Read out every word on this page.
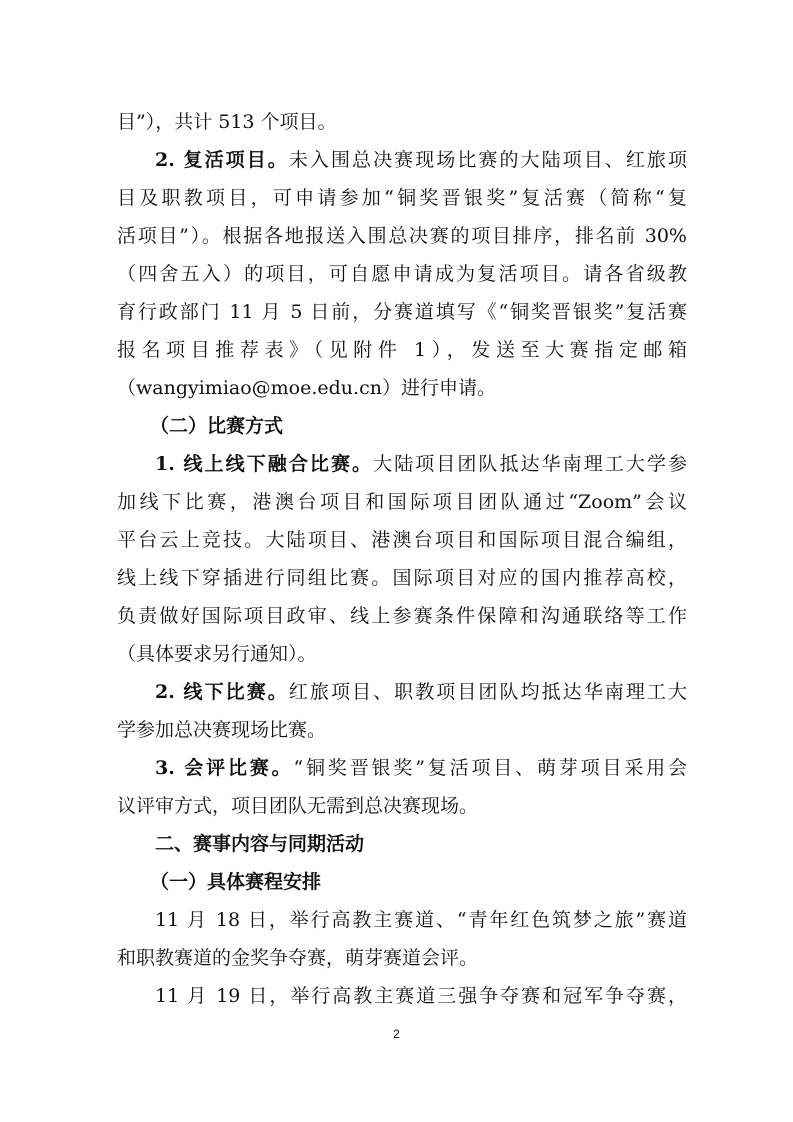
目”），共计 513 个项目。
2. 复活项目。未入围总决赛现场比赛的大陆项目、红旅项
目及职教项目，可申请参加“铜奖晋银奖”复活赛（简称“复
活项目”）。根据各地报送入围总决赛的项目排序，排名前 30%
（四舍五入）的项目，可自愿申请成为复活项目。请各省级教
育行政部门 11 月 5 日前，分赛道填写《“铜奖晋银奖”复活赛
报名项目推荐表》（见附件 1），发送至大赛指定邮箱
（wangyimiao@moe.edu.cn）进行申请。
（二）比赛方式
1. 线上线下融合比赛。大陆项目团队抵达华南理工大学参
加线下比赛，港澳台项目和国际项目团队通过“Zoom”会议
平台云上竞技。大陆项目、港澳台项目和国际项目混合编组，
线上线下穿插进行同组比赛。国际项目对应的国内推荐高校，
负责做好国际项目政审、线上参赛条件保障和沟通联络等工作
（具体要求另行通知）。
2. 线下比赛。红旅项目、职教项目团队均抵达华南理工大
学参加总决赛现场比赛。
3. 会评比赛。“铜奖晋银奖”复活项目、萌芽项目采用会
议评审方式，项目团队无需到总决赛现场。
二、赛事内容与同期活动
（一）具体赛程安排
11 月 18 日，举行高教主赛道、“青年红色筑梦之旅”赛道
和职教赛道的金奖争夺赛，萌芽赛道会评。
11 月 19 日，举行高教主赛道三强争夺赛和冠军争夺赛，
2
